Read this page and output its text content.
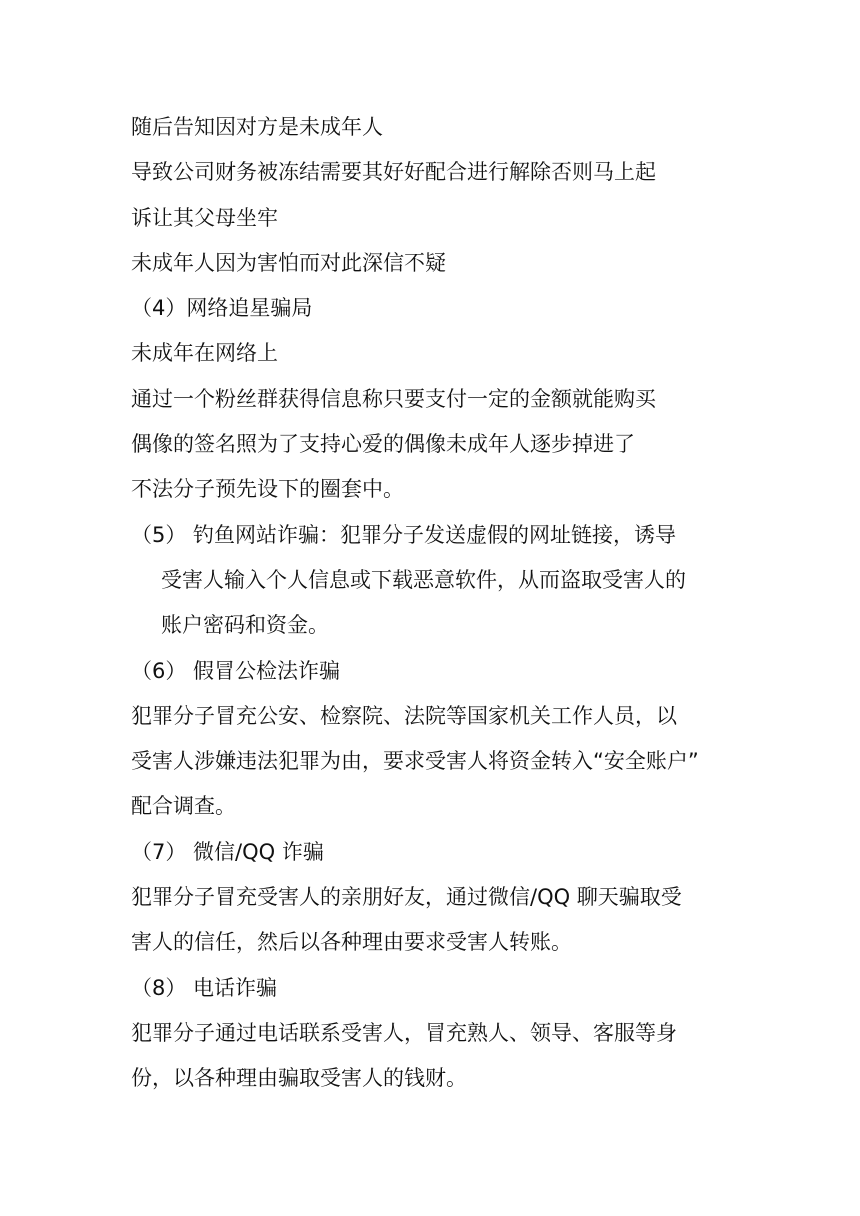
随后告知因对方是未成年人
导致公司财务被冻结需要其好好配合进行解除否则马上起
诉让其父母坐牢
未成年人因为害怕而对此深信不疑
（4）网络追星骗局
未成年在网络上
通过一个粉丝群获得信息称只要支付一定的金额就能购买
偶像的签名照为了支持心爱的偶像未成年人逐步掉进了
不法分子预先设下的圈套中。
（5） 钓鱼网站诈骗：犯罪分子发送虚假的网址链接，诱导
受害人输入个人信息或下载恶意软件，从而盗取受害人的
账户密码和资金。
（6） 假冒公检法诈骗
犯罪分子冒充公安、检察院、法院等国家机关工作人员，以
受害人涉嫌违法犯罪为由，要求受害人将资金转入“安全账户”
配合调查。
（7） 微信/QQ 诈骗
犯罪分子冒充受害人的亲朋好友，通过微信/QQ 聊天骗取受
害人的信任，然后以各种理由要求受害人转账。
（8） 电话诈骗
犯罪分子通过电话联系受害人，冒充熟人、领导、客服等身
份，以各种理由骗取受害人的钱财。
